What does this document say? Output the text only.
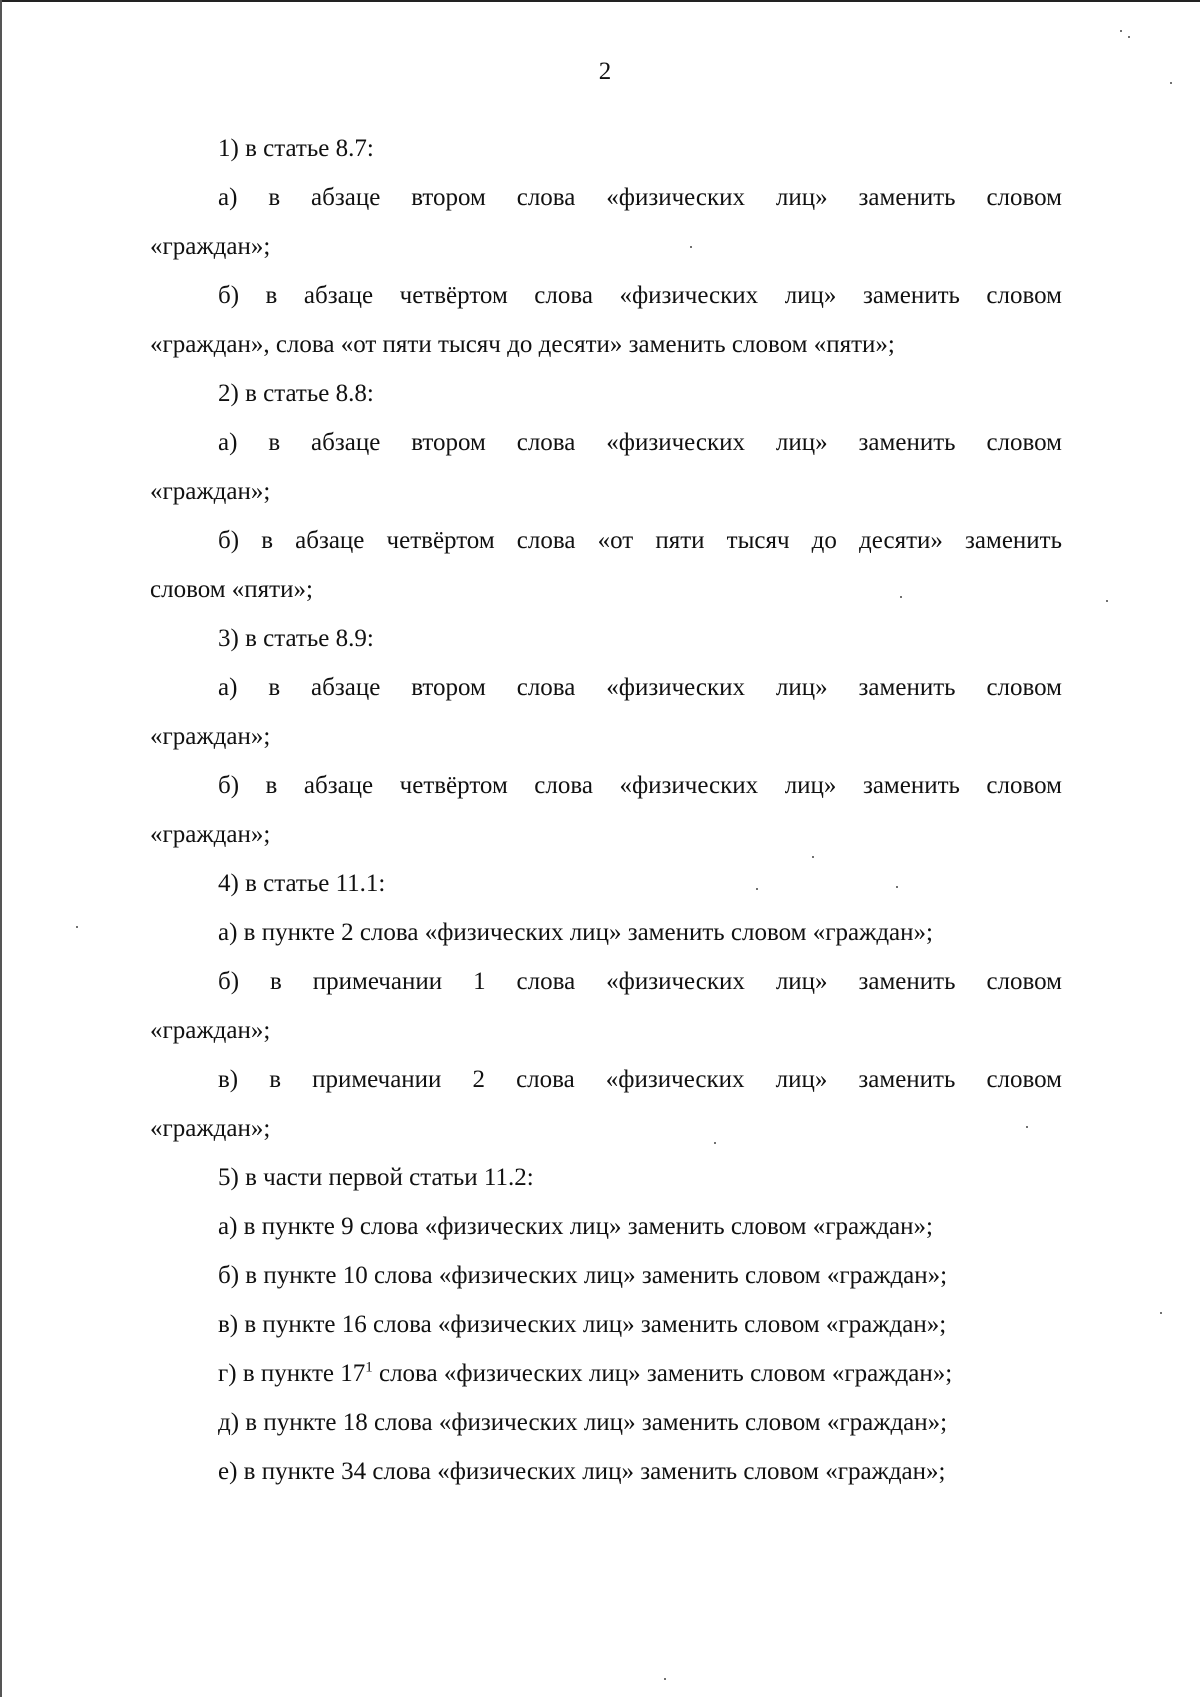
2

1) в статье 8.7:

а) в абзаце втором слова «физических лиц» заменить словом

«граждан»;

б) в абзаце четвёртом слова «физических лиц» заменить словом

«граждан», слова «от пяти тысяч до десяти» заменить словом «пяти»;

2) в статье 8.8:

а) в абзаце втором слова «физических лиц» заменить словом

«граждан»;

б) в абзаце четвёртом слова «от пяти тысяч до десяти» заменить

словом «пяти»;

3) в статье 8.9:

а) в абзаце втором слова «физических лиц» заменить словом

«граждан»;

б) в абзаце четвёртом слова «физических лиц» заменить словом

«граждан»;

4) в статье 11.1:

а) в пункте 2 слова «физических лиц» заменить словом «граждан»;

б) в примечании 1 слова «физических лиц» заменить словом

«граждан»;

в) в примечании 2 слова «физических лиц» заменить словом

«граждан»;

5) в части первой статьи 11.2:

а) в пункте 9 слова «физических лиц» заменить словом «граждан»;

б) в пункте 10 слова «физических лиц» заменить словом «граждан»;

в) в пункте 16 слова «физических лиц» заменить словом «граждан»;

г) в пункте $17^1$ слова «физических лиц» заменить словом «граждан»;

д) в пункте 18 слова «физических лиц» заменить словом «граждан»;

е) в пункте 34 слова «физических лиц» заменить словом «граждан»;
